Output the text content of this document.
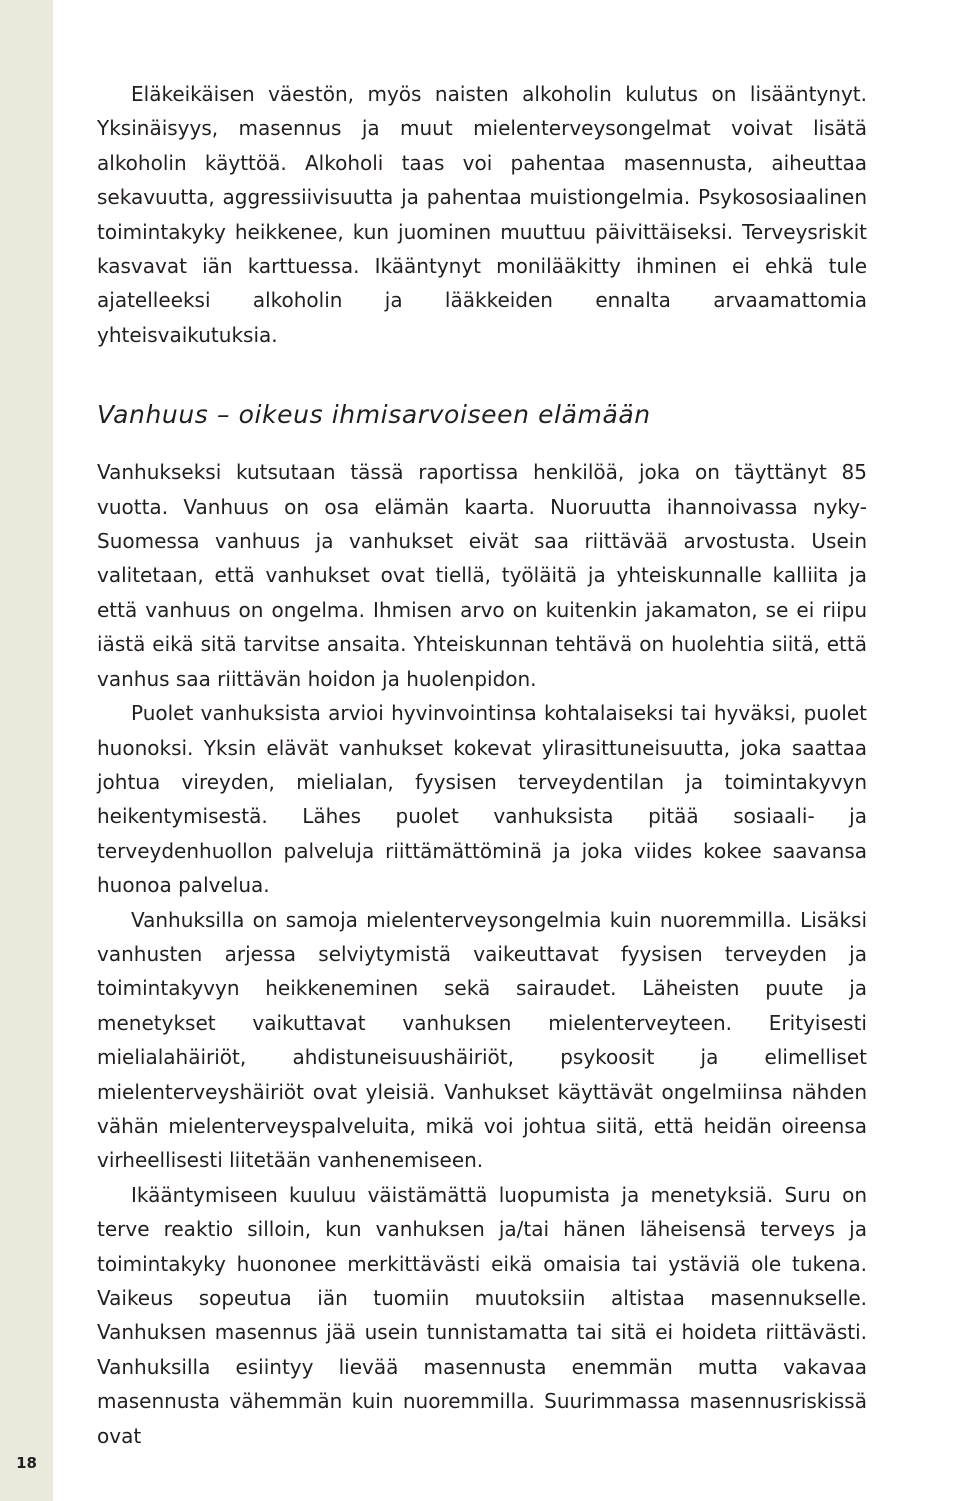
18

Eläkeikäisen väestön, myös naisten alkoholin kulutus on lisääntynyt. Yksinäisyys, masennus ja muut mielenterveysongelmat voivat lisätä alkoholin käyttöä. Alkoholi taas voi pahentaa masennusta, aiheuttaa sekavuutta, aggressiivisuutta ja pahentaa muistiongelmia. Psykososiaalinen toimintakyky heikkenee, kun juominen muuttuu päivittäiseksi. Terveysriskit kasvavat iän karttuessa. Ikääntynyt monilääkitty ihminen ei ehkä tule ajatelleeksi alkoholin ja lääkkeiden ennalta arvaamattomia yhteisvaikutuksia.

Vanhuus – oikeus ihmisarvoiseen elämään

Vanhukseksi kutsutaan tässä raportissa henkilöä, joka on täyttänyt 85 vuotta. Vanhuus on osa elämän kaarta. Nuoruutta ihannoivassa nyky-Suomessa vanhuus ja vanhukset eivät saa riittävää arvostusta. Usein valitetaan, että vanhukset ovat tiellä, työläitä ja yhteiskunnalle kalliita ja että vanhuus on ongelma. Ihmisen arvo on kuitenkin jakamaton, se ei riipu iästä eikä sitä tarvitse ansaita. Yhteiskunnan tehtävä on huolehtia siitä, että vanhus saa riittävän hoidon ja huolenpidon.

Puolet vanhuksista arvioi hyvinvointinsa kohtalaiseksi tai hyväksi, puolet huonoksi. Yksin elävät vanhukset kokevat ylirasittuneisuutta, joka saattaa johtua vireyden, mielialan, fyysisen terveydentilan ja toimintakyvyn heikentymisestä. Lähes puolet vanhuksista pitää sosiaali- ja terveydenhuollon palveluja riittämättöminä ja joka viides kokee saavansa huonoa palvelua.

Vanhuksilla on samoja mielenterveysongelmia kuin nuoremmilla. Lisäksi vanhusten arjessa selviytymistä vaikeuttavat fyysisen terveyden ja toimintakyvyn heikkeneminen sekä sairaudet. Läheisten puute ja menetykset vaikuttavat vanhuksen mielenterveyteen. Erityisesti mielialahäiriöt, ahdistuneisuushäiriöt, psykoosit ja elimelliset mielenterveyshäiriöt ovat yleisiä. Vanhukset käyttävät ongelmiinsa nähden vähän mielenterveyspalveluita, mikä voi johtua siitä, että heidän oireensa virheellisesti liitetään vanhenemiseen.

Ikääntymiseen kuuluu väistämättä luopumista ja menetyksiä. Suru on terve reaktio silloin, kun vanhuksen ja/tai hänen läheisensä terveys ja toimintakyky huononee merkittävästi eikä omaisia tai ystäviä ole tukena. Vaikeus sopeutua iän tuomiin muutoksiin altistaa masennukselle. Vanhuksen masennus jää usein tunnistamatta tai sitä ei hoideta riittävästi. Vanhuksilla esiintyy lievää masennusta enemmän mutta vakavaa masennusta vähemmän kuin nuoremmilla. Suurimmassa masennusriskissä ovat
